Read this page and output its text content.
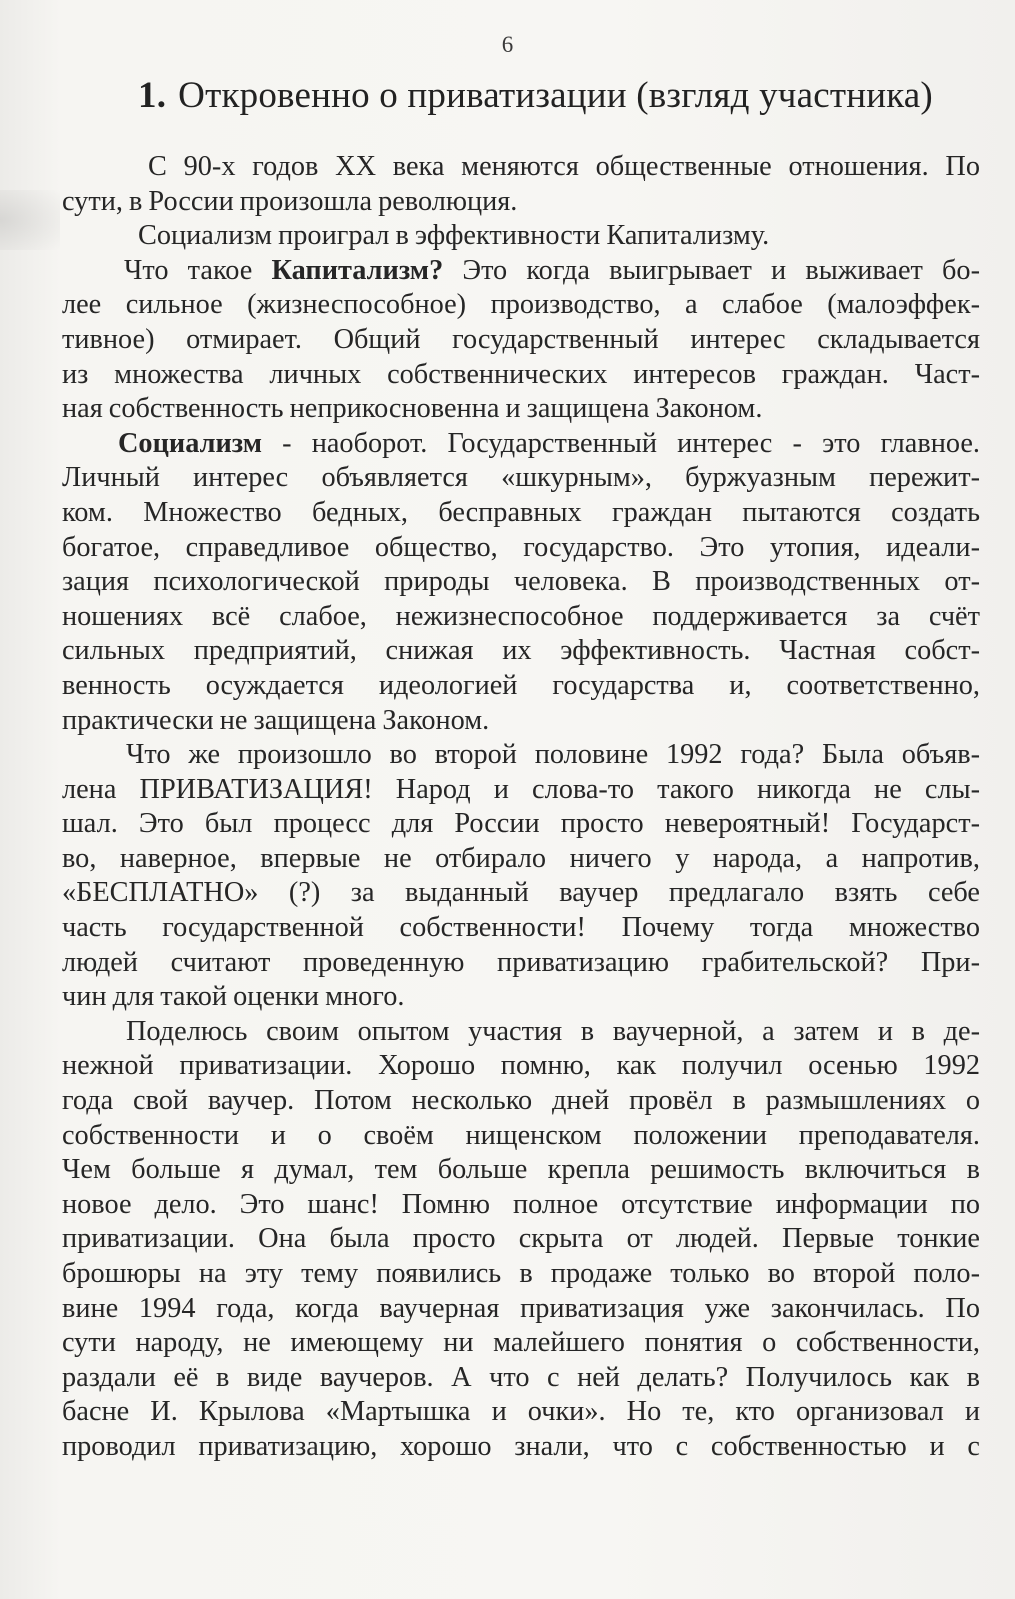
6
1. Откровенно о приватизации (взгляд участника)
С 90-х годов XX века меняются общественные отношения. По
сути, в России произошла революция.
Социализм проиграл в эффективности Капитализму.
Что такое Капитализм? Это когда выигрывает и выживает бо-
лее сильное (жизнеспособное) производство, а слабое (малоэффек-
тивное) отмирает. Общий государственный интерес складывается
из множества личных собственнических интересов граждан. Част-
ная собственность неприкосновенна и защищена Законом.
Социализм - наоборот. Государственный интерес - это главное.
Личный интерес объявляется «шкурным», буржуазным пережит-
ком. Множество бедных, бесправных граждан пытаются создать
богатое, справедливое общество, государство. Это утопия, идеали-
зация психологической природы человека. В производственных от-
ношениях всё слабое, нежизнеспособное поддерживается за счёт
сильных предприятий, снижая их эффективность. Частная собст-
венность осуждается идеологией государства и, соответственно,
практически не защищена Законом.
Что же произошло во второй половине 1992 года? Была объяв-
лена ПРИВАТИЗАЦИЯ! Народ и слова-то такого никогда не слы-
шал. Это был процесс для России просто невероятный! Государст-
во, наверное, впервые не отбирало ничего у народа, а напротив,
«БЕСПЛАТНО» (?) за выданный ваучер предлагало взять себе
часть государственной собственности! Почему тогда множество
людей считают проведенную приватизацию грабительской? При-
чин для такой оценки много.
Поделюсь своим опытом участия в ваучерной, а затем и в де-
нежной приватизации. Хорошо помню, как получил осенью 1992
года свой ваучер. Потом несколько дней провёл в размышлениях о
собственности и о своём нищенском положении преподавателя.
Чем больше я думал, тем больше крепла решимость включиться в
новое дело. Это шанс! Помню полное отсутствие информации по
приватизации. Она была просто скрыта от людей. Первые тонкие
брошюры на эту тему появились в продаже только во второй поло-
вине 1994 года, когда ваучерная приватизация уже закончилась. По
сути народу, не имеющему ни малейшего понятия о собственности,
раздали её в виде ваучеров. А что с ней делать? Получилось как в
басне И. Крылова «Мартышка и очки». Но те, кто организовал и
проводил приватизацию, хорошо знали, что с собственностью и с
